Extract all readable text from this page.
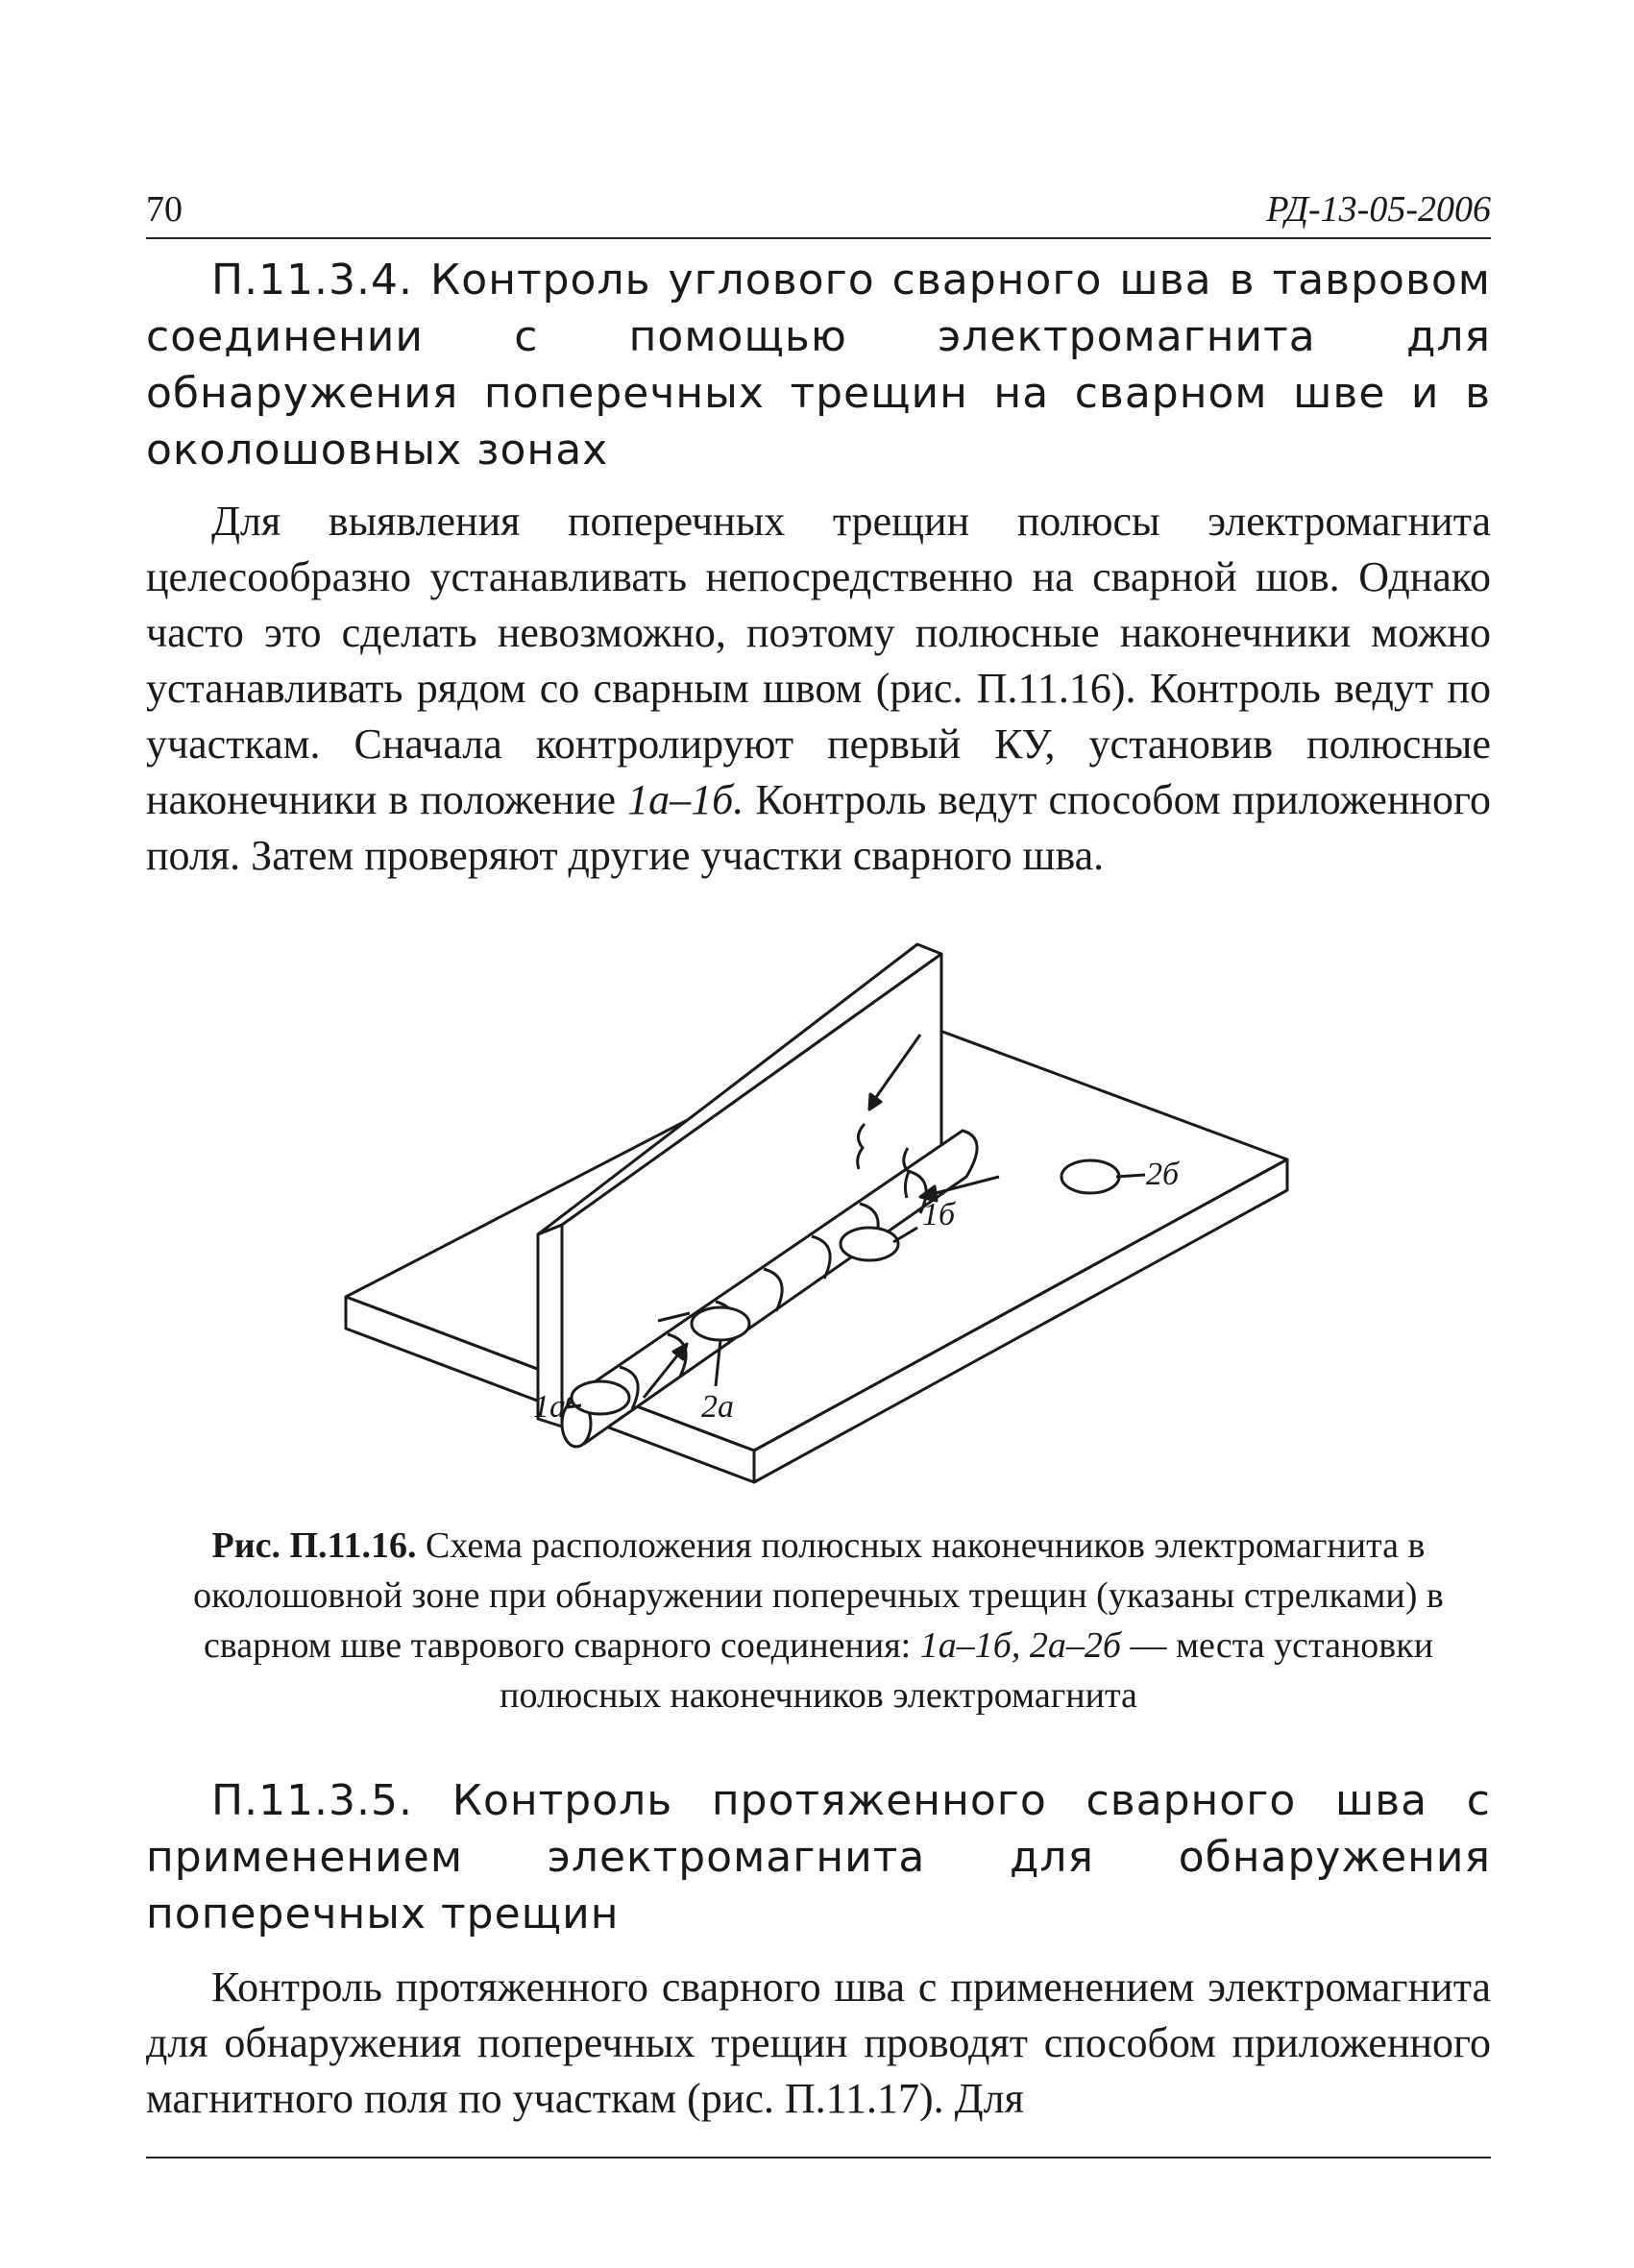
70	РД-13-05-2006
П.11.3.4. Контроль углового сварного шва в тавровом соединении с помощью электромагнита для обнаружения поперечных трещин на сварном шве и в околошовных зонах

Для выявления поперечных трещин полюсы электромагнита целесообразно устанавливать непосредственно на сварной шов. Однако часто это сделать невозможно, поэтому полюсные наконечники можно устанавливать рядом со сварным швом (рис. П.11.16). Контроль ведут по участкам. Сначала контролируют первый КУ, установив полюсные наконечники в положение 1а–1б. Контроль ведут способом приложенного поля. Затем проверяют другие участки сварного шва.

1а	2а
1б
2б
Рис. П.11.16. Схема расположения полюсных наконечников электромагнита в околошовной зоне при обнаружении поперечных трещин (указаны стрелками) в сварном шве таврового сварного соединения: 1а–1б, 2а–2б — места установки полюсных наконечников электромагнита
П.11.3.5. Контроль протяженного сварного шва с применением электромагнита для обнаружения поперечных трещин

Контроль протяженного сварного шва с применением электромагнита для обнаружения поперечных трещин проводят способом приложенного магнитного поля по участкам (рис. П.11.17). Для
